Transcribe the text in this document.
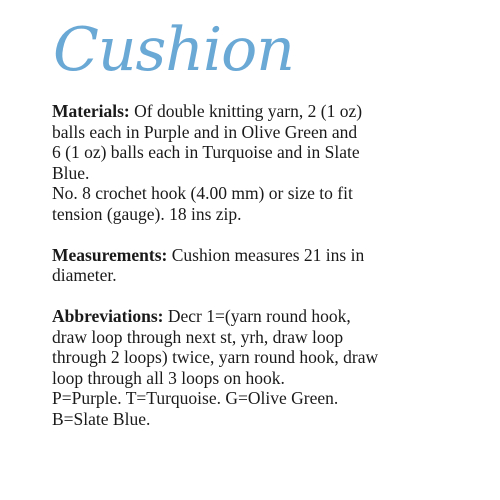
Cushion
Materials: Of double knitting yarn, 2 (1 oz)
balls each in Purple and in Olive Green and
6 (1 oz) balls each in Turquoise and in Slate
Blue.
No. 8 crochet hook (4.00 mm) or size to fit
tension (gauge). 18 ins zip.
Measurements: Cushion measures 21 ins in
diameter.
Abbreviations: Decr 1=(yarn round hook,
draw loop through next st, yrh, draw loop
through 2 loops) twice, yarn round hook, draw
loop through all 3 loops on hook.
P=Purple. T=Turquoise. G=Olive Green.
B=Slate Blue.
